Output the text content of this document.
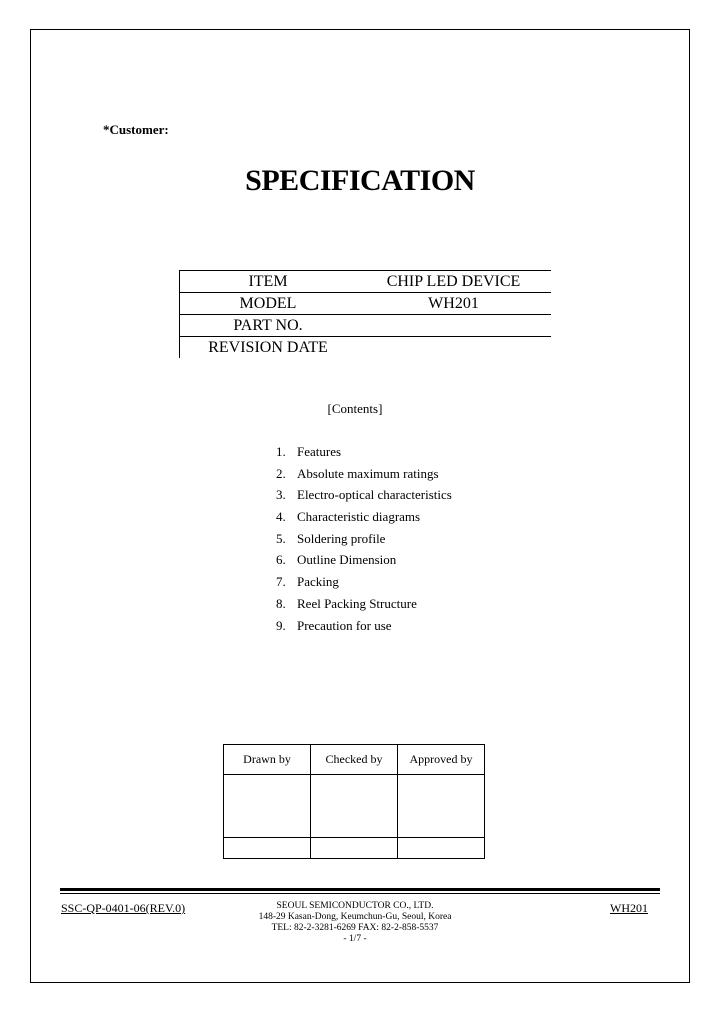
*Customer:
SPECIFICATION
ITEM	CHIP LED DEVICE
MODEL	WH201
PART NO.
REVISION DATE
[Contents]
1. Features
2. Absolute maximum ratings
3. Electro-optical characteristics
4. Characteristic diagrams
5. Soldering profile
6. Outline Dimension
7. Packing
8. Reel Packing Structure
9. Precaution for use
Drawn by	Checked by	Approved by

SSC-QP-0401-06(REV.0)	SEOUL SEMICONDUCTOR CO., LTD.
148-29 Kasan-Dong, Keumchun-Gu, Seoul, Korea
TEL: 82-2-3281-6269 FAX: 82-2-858-5537
- 1/7 -
WH201
